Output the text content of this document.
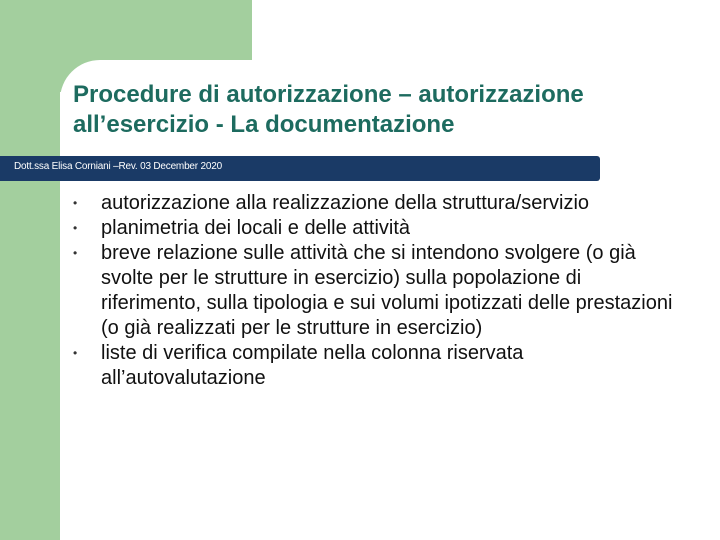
Procedure di autorizzazione – autorizzazione all’esercizio - La documentazione
Dott.ssa Elisa Corniani –Rev. 03 December 2020
• autorizzazione alla realizzazione della struttura/servizio
• planimetria dei locali e delle attività
• breve relazione sulle attività che si intendono svolgere (o già svolte per le strutture in esercizio) sulla popolazione di riferimento, sulla tipologia e sui volumi ipotizzati delle prestazioni (o già realizzati per le strutture in esercizio)
• liste di verifica compilate nella colonna riservata all’autovalutazione
